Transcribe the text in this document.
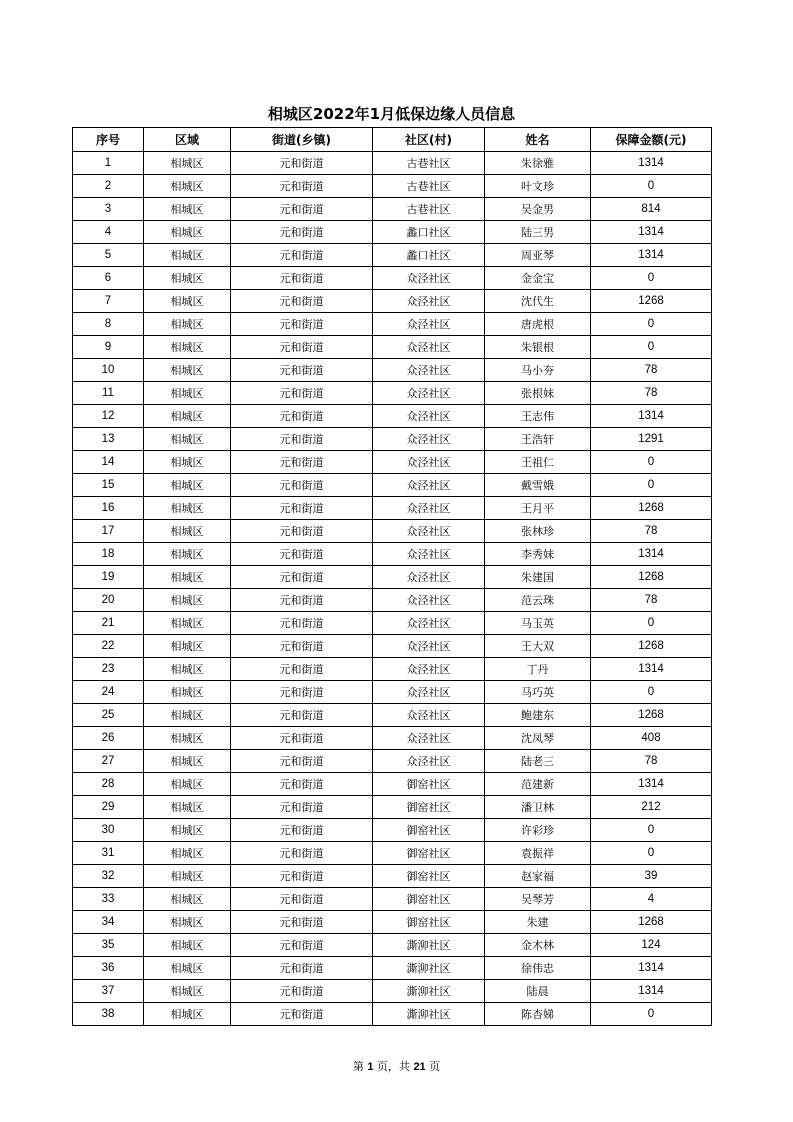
相城区2022年1月低保边缘人员信息
序号	区域	街道(乡镇)	社区(村)	姓名	保障金额(元)
1	相城区	元和街道	古巷社区	朱徐雅	1314
2	相城区	元和街道	古巷社区	叶文珍	0
3	相城区	元和街道	古巷社区	吴金男	814
4	相城区	元和街道	蠡口社区	陆三男	1314
5	相城区	元和街道	蠡口社区	周亚琴	1314
6	相城区	元和街道	众泾社区	金金宝	0
7	相城区	元和街道	众泾社区	沈代生	1268
8	相城区	元和街道	众泾社区	唐虎根	0
9	相城区	元和街道	众泾社区	朱银根	0
10	相城区	元和街道	众泾社区	马小夯	78
11	相城区	元和街道	众泾社区	张根妹	78
12	相城区	元和街道	众泾社区	王志伟	1314
13	相城区	元和街道	众泾社区	王浩轩	1291
14	相城区	元和街道	众泾社区	王祖仁	0
15	相城区	元和街道	众泾社区	戴雪娥	0
16	相城区	元和街道	众泾社区	王月平	1268
17	相城区	元和街道	众泾社区	张林珍	78
18	相城区	元和街道	众泾社区	李秀妹	1314
19	相城区	元和街道	众泾社区	朱建国	1268
20	相城区	元和街道	众泾社区	范云珠	78
21	相城区	元和街道	众泾社区	马玉英	0
22	相城区	元和街道	众泾社区	王大双	1268
23	相城区	元和街道	众泾社区	丁丹	1314
24	相城区	元和街道	众泾社区	马巧英	0
25	相城区	元和街道	众泾社区	鲍建东	1268
26	相城区	元和街道	众泾社区	沈凤琴	408
27	相城区	元和街道	众泾社区	陆老三	78
28	相城区	元和街道	御窑社区	范建新	1314
29	相城区	元和街道	御窑社区	潘卫林	212
30	相城区	元和街道	御窑社区	许彩珍	0
31	相城区	元和街道	御窑社区	袁振祥	0
32	相城区	元和街道	御窑社区	赵家福	39
33	相城区	元和街道	御窑社区	吴琴芳	4
34	相城区	元和街道	御窑社区	朱建	1268
35	相城区	元和街道	澌泖社区	金木林	124
36	相城区	元和街道	澌泖社区	徐伟忠	1314
37	相城区	元和街道	澌泖社区	陆晨	1314
38	相城区	元和街道	澌泖社区	陈杏娣	0
第 1 页，共 21 页
